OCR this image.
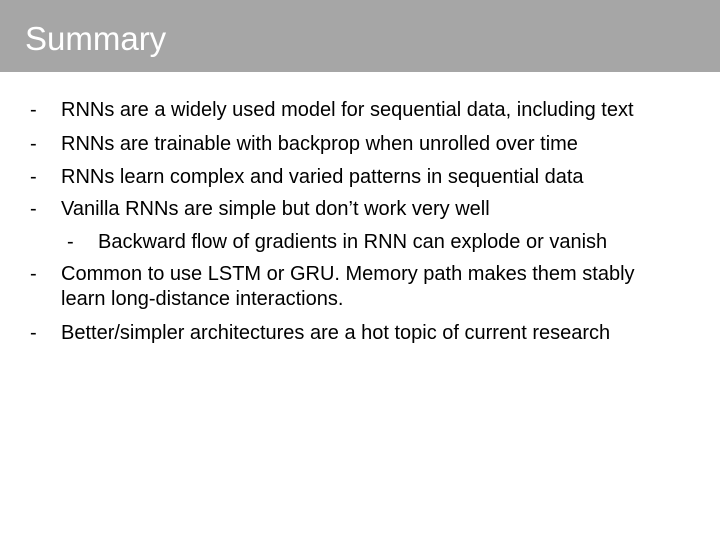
Summary
- RNNs are a widely used model for sequential data, including text
- RNNs are trainable with backprop when unrolled over time
- RNNs learn complex and varied patterns in sequential data
- Vanilla RNNs are simple but don’t work very well
- Backward flow of gradients in RNN can explode or vanish
- Common to use LSTM or GRU. Memory path makes them stably
learn long-distance interactions.
- Better/simpler architectures are a hot topic of current research
